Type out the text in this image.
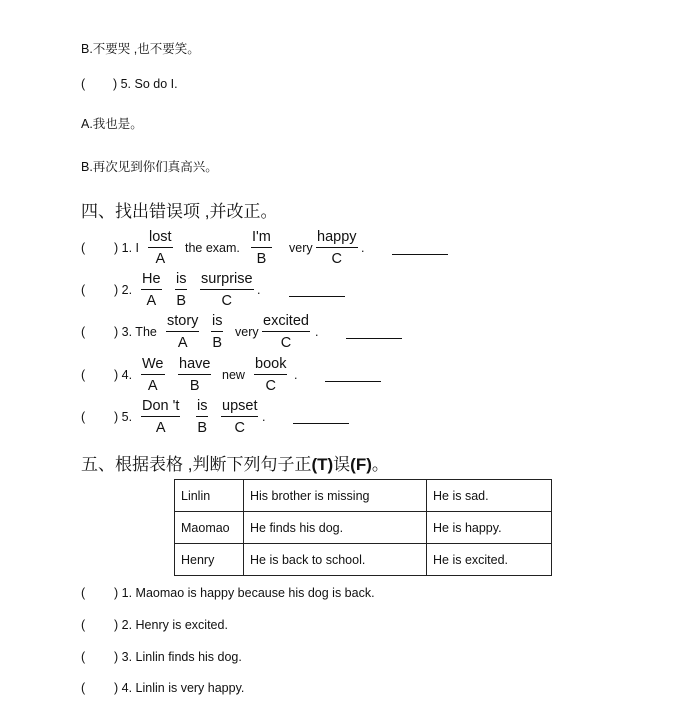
B.不要哭 ,也不要笑。
(        ) 5. So do I.
A.我也是。
B.再次见到你们真高兴。
四、找出错误项 ,并改正。
( ) 1. I
lost
A
the exam.
I'm
B
very
happy
C
.
( ) 2.
He
A
is
B
surprise
C
.
( ) 3. The
story
A
is
B
very
excited
C
.
( ) 4.
We
A
have
B
new
book
C
.
( ) 5.
Don 't
A
is
B
upset
C
.
五、根据表格 ,判断下列句子正(T)误(F)。
Linlin	His brother is missing	He is sad.
Maomao	He finds his dog.	He is happy.
Henry	He is back to school.	He is excited.
( ) 1. Maomao is happy because his dog is back.
( ) 2. Henry is excited.
( ) 3. Linlin finds his dog.
( ) 4. Linlin is very happy.
